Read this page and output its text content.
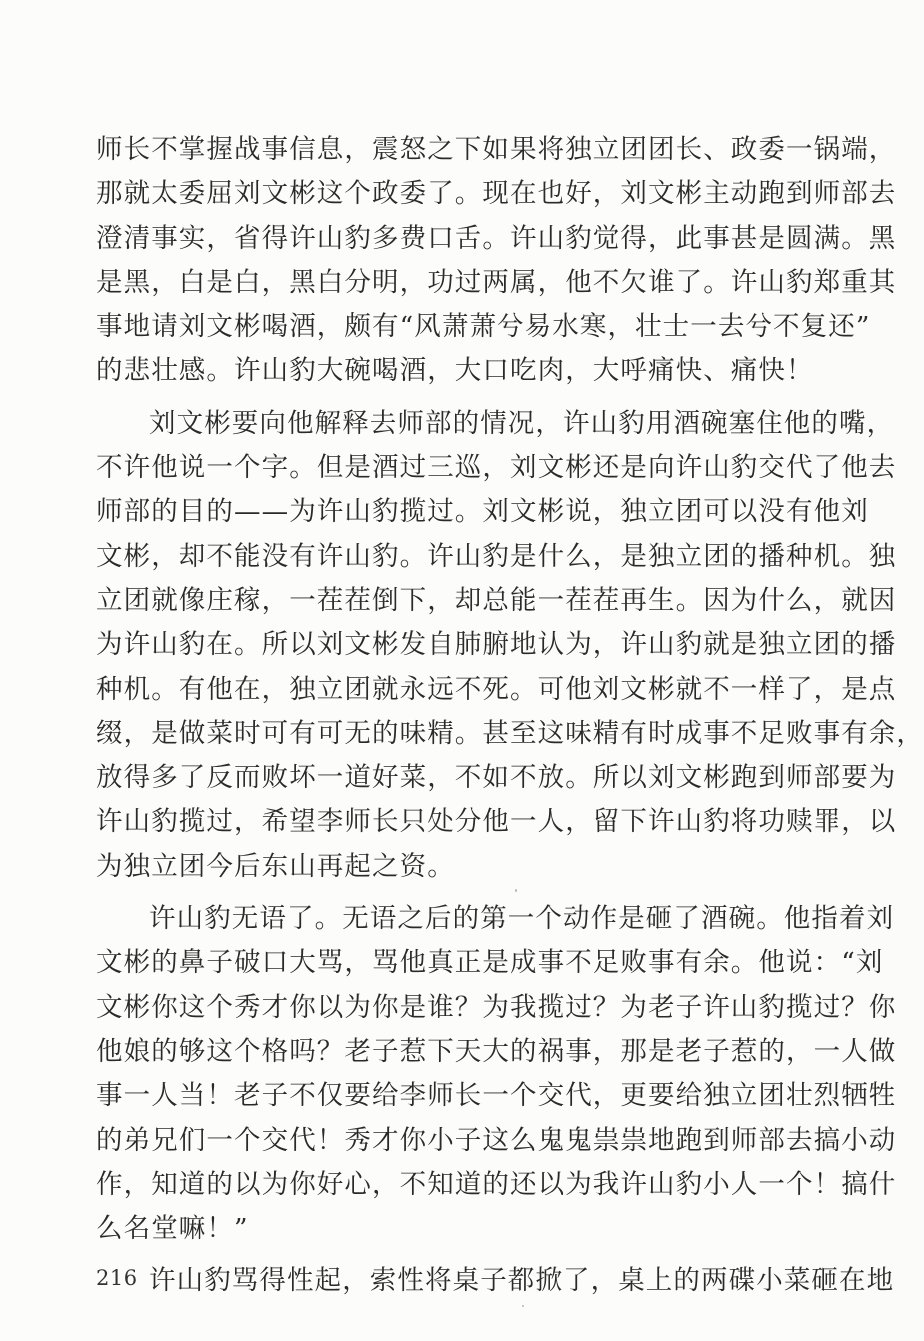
师长不掌握战事信息，震怒之下如果将独立团团长、政委一锅端，
那就太委屈刘文彬这个政委了。现在也好，刘文彬主动跑到师部去
澄清事实，省得许山豹多费口舌。许山豹觉得，此事甚是圆满。黑
是黑，白是白，黑白分明，功过两属，他不欠谁了。许山豹郑重其
事地请刘文彬喝酒，颇有“风萧萧兮易水寒，壮士一去兮不复还”
的悲壮感。许山豹大碗喝酒，大口吃肉，大呼痛快、痛快！
刘文彬要向他解释去师部的情况，许山豹用酒碗塞住他的嘴，
不许他说一个字。但是酒过三巡，刘文彬还是向许山豹交代了他去
师部的目的——为许山豹揽过。刘文彬说，独立团可以没有他刘
文彬，却不能没有许山豹。许山豹是什么，是独立团的播种机。独
立团就像庄稼，一茬茬倒下，却总能一茬茬再生。因为什么，就因
为许山豹在。所以刘文彬发自肺腑地认为，许山豹就是独立团的播
种机。有他在，独立团就永远不死。可他刘文彬就不一样了，是点
缀，是做菜时可有可无的味精。甚至这味精有时成事不足败事有余，
放得多了反而败坏一道好菜，不如不放。所以刘文彬跑到师部要为
许山豹揽过，希望李师长只处分他一人，留下许山豹将功赎罪，以
为独立团今后东山再起之资。
许山豹无语了。无语之后的第一个动作是砸了酒碗。他指着刘
文彬的鼻子破口大骂，骂他真正是成事不足败事有余。他说：“刘
文彬你这个秀才你以为你是谁？为我揽过？为老子许山豹揽过？你
他娘的够这个格吗？老子惹下天大的祸事，那是老子惹的，一人做
事一人当！老子不仅要给李师长一个交代，更要给独立团壮烈牺牲
的弟兄们一个交代！秀才你小子这么鬼鬼祟祟地跑到师部去搞小动
作，知道的以为你好心，不知道的还以为我许山豹小人一个！搞什
么名堂嘛！”
许山豹骂得性起，索性将桌子都掀了，桌上的两碟小菜砸在地
216
